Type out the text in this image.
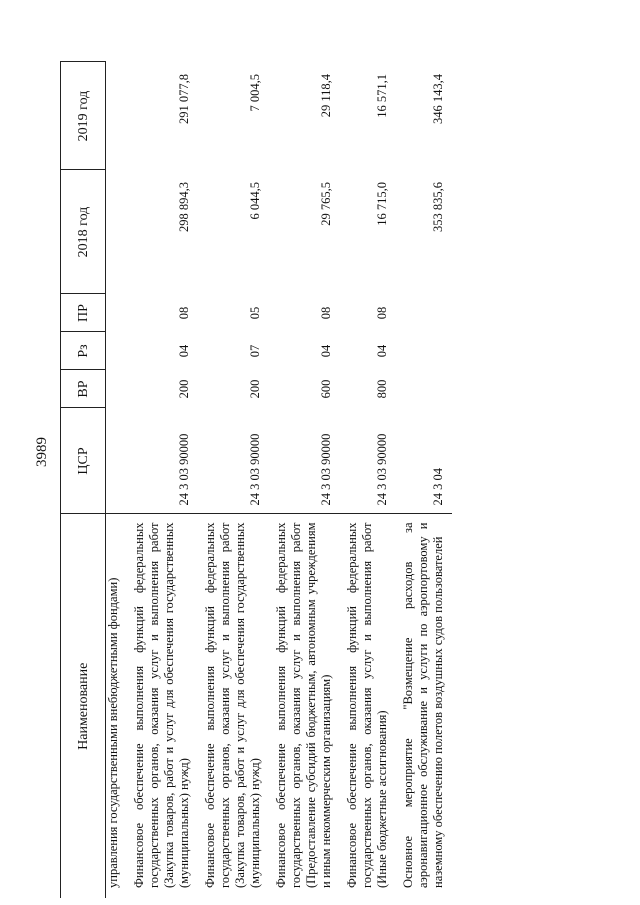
3989
Наименование	ЦСР	ВР	Рз	ПР	2018 год	2019 год
управления государственными внебюджетными фондами)						
Финансовое обеспечение выполнения функций федеральных государственных органов, оказания услуг и выполнения работ (Закупка товаров, работ и услуг для обеспечения государственных (муниципальных) нужд)	24 3 03 90000	200	04	08	298 894,3	291 077,8
Финансовое обеспечение выполнения функций федеральных государственных органов, оказания услуг и выполнения работ (Закупка товаров, работ и услуг для обеспечения государственных (муниципальных) нужд)	24 3 03 90000	200	07	05	6 044,5	7 004,5
Финансовое обеспечение выполнения функций федеральных государственных органов, оказания услуг и выполнения работ (Предоставление субсидий бюджетным, автономным учреждениям и иным некоммерческим организациям)	24 3 03 90000	600	04	08	29 765,5	29 118,4
Финансовое обеспечение выполнения функций федеральных государственных органов, оказания услуг и выполнения работ (Иные бюджетные ассигнования)	24 3 03 90000	800	04	08	16 715,0	16 571,1
Основное мероприятие "Возмещение расходов за аэронавигационное обслуживание и услуги по аэропортовому и наземному обеспечению полетов воздушных судов пользователей	24 3 04				353 835,6	346 143,4
